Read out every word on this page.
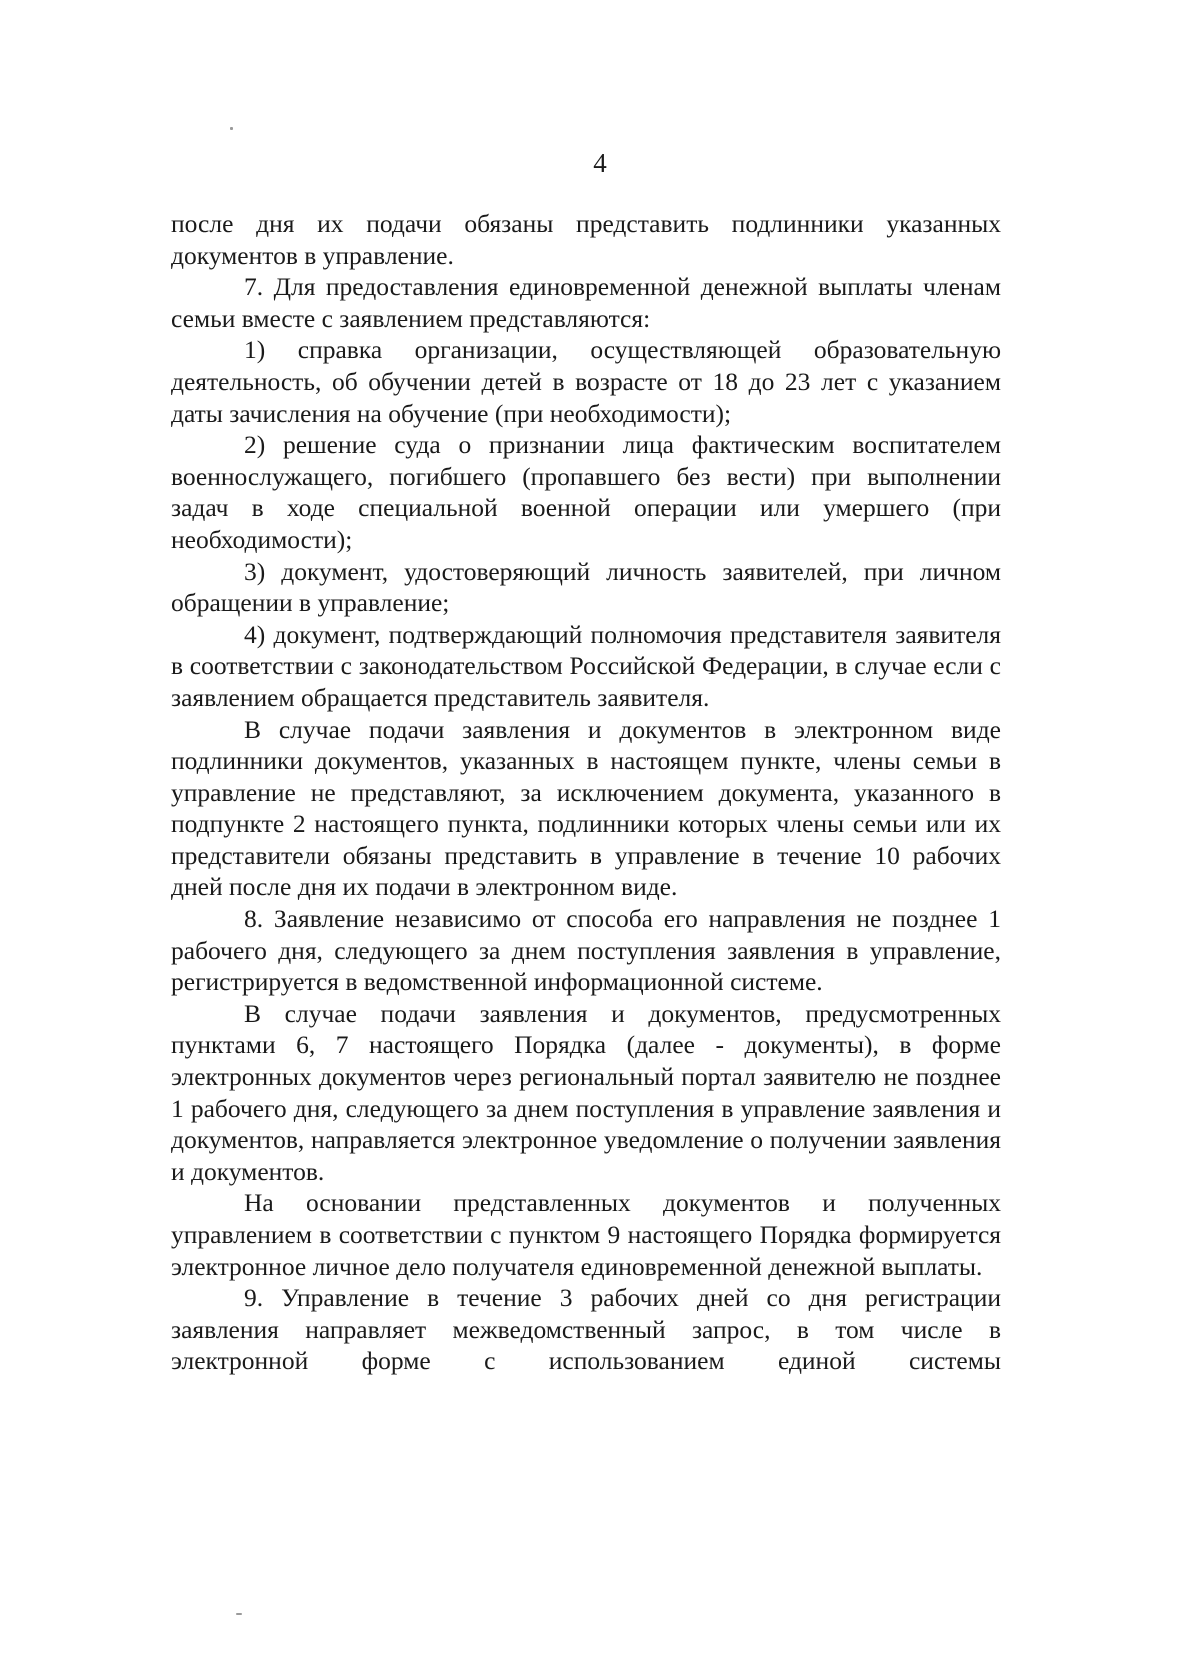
4

после дня их подачи обязаны представить подлинники указанных документов в управление.

7. Для предоставления единовременной денежной выплаты членам семьи вместе с заявлением представляются:

1) справка организации, осуществляющей образовательную деятельность, об обучении детей в возрасте от 18 до 23 лет с указанием даты зачисления на обучение (при необходимости);

2) решение суда о признании лица фактическим воспитателем военнослужащего, погибшего (пропавшего без вести) при выполнении задач в ходе специальной военной операции или умершего (при необходимости);

3) документ, удостоверяющий личность заявителей, при личном обращении в управление;

4) документ, подтверждающий полномочия представителя заявителя в соответствии с законодательством Российской Федерации, в случае если с заявлением обращается представитель заявителя.

В случае подачи заявления и документов в электронном виде подлинники документов, указанных в настоящем пункте, члены семьи в управление не представляют, за исключением документа, указанного в подпункте 2 настоящего пункта, подлинники которых члены семьи или их представители обязаны представить в управление в течение 10 рабочих дней после дня их подачи в электронном виде.

8. Заявление независимо от способа его направления не позднее 1 рабочего дня, следующего за днем поступления заявления в управление, регистрируется в ведомственной информационной системе.

В случае подачи заявления и документов, предусмотренных пунктами 6, 7 настоящего Порядка (далее - документы), в форме электронных документов через региональный портал заявителю не позднее 1 рабочего дня, следующего за днем поступления в управление заявления и документов, направляется электронное уведомление о получении заявления и документов.

На основании представленных документов и полученных управлением в соответствии с пунктом 9 настоящего Порядка формируется электронное личное дело получателя единовременной денежной выплаты.

9. Управление в течение 3 рабочих дней со дня регистрации заявления направляет межведомственный запрос, в том числе в электронной форме с использованием единой системы
